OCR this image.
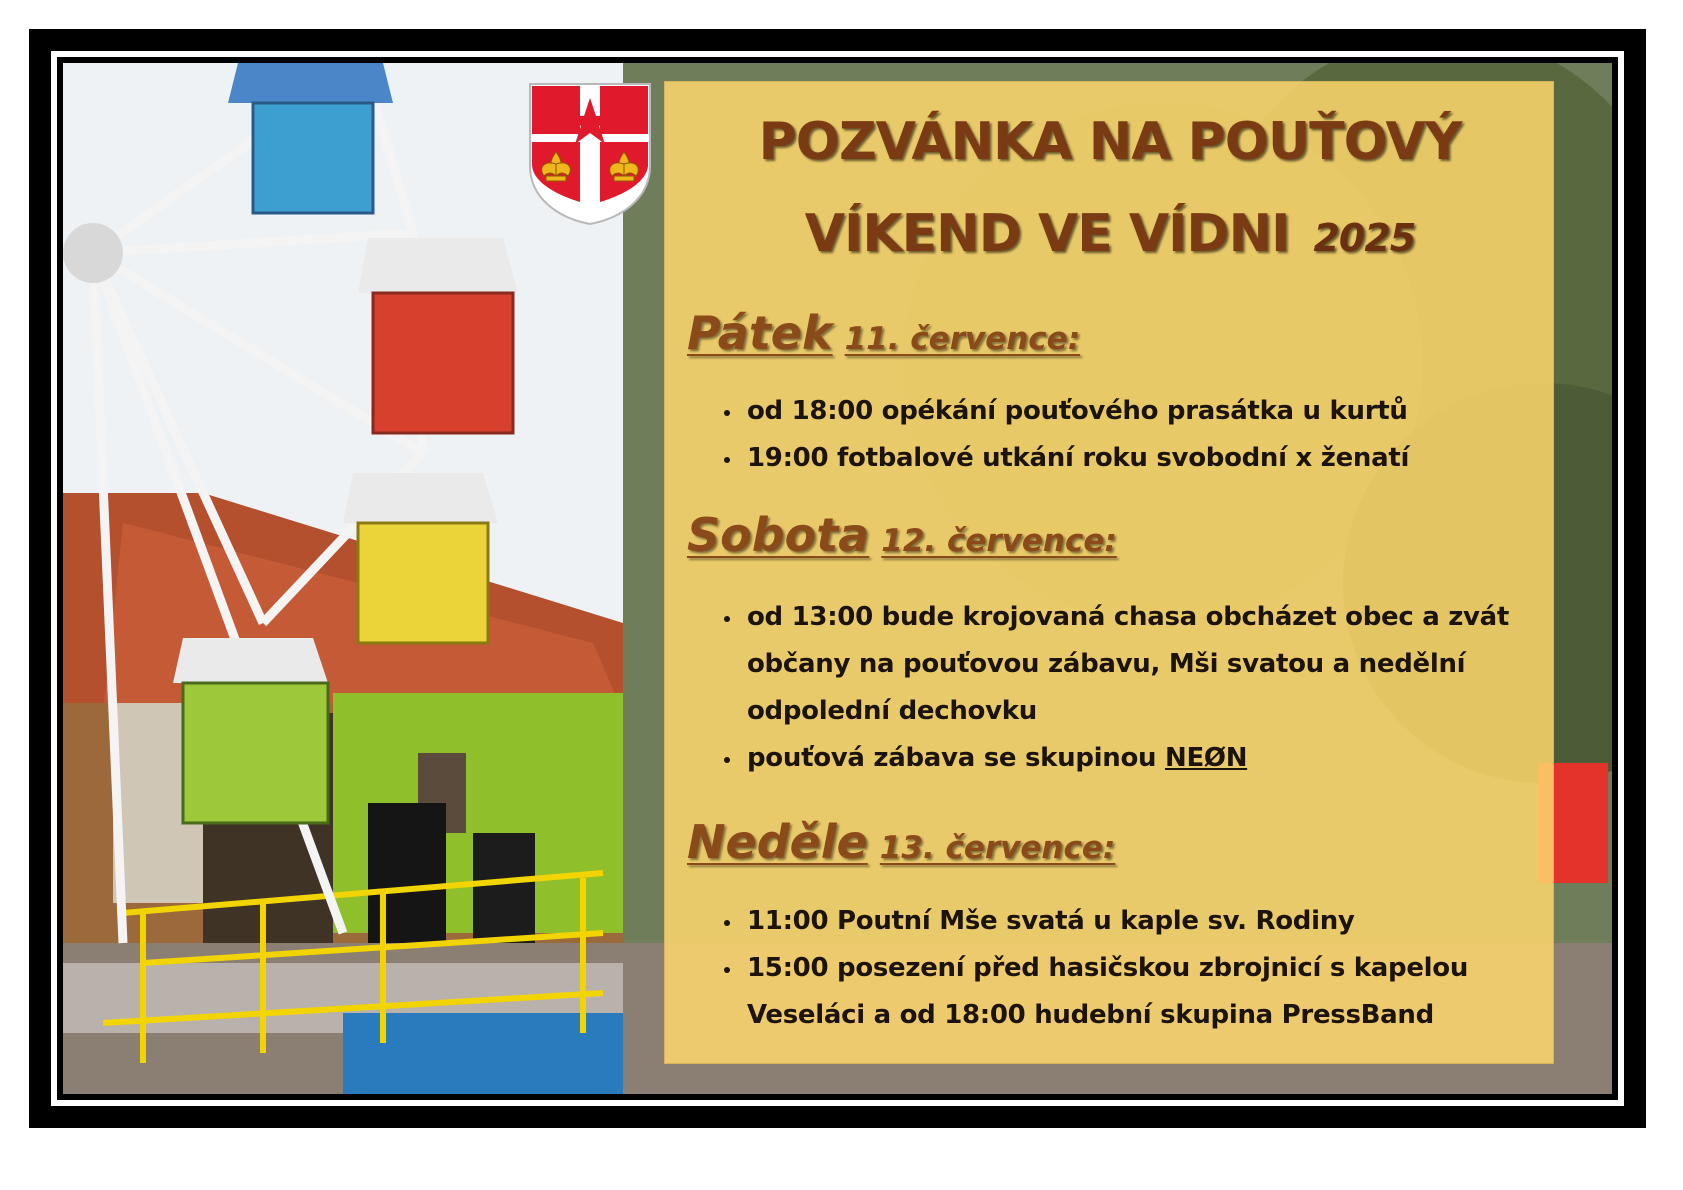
POZVÁNKA NA POUŤOVÝ
VÍKEND VE VÍDNI 2025
Pátek 11. července:
• od 18:00 opékání pouťového prasátka u kurtů
• 19:00 fotbalové utkání roku svobodní x ženatí
Sobota 12. července:
• od 13:00 bude krojovaná chasa obcházet obec a zvát občany na pouťovou zábavu, Mši svatou a nedělní odpolední dechovku
• pouťová zábava se skupinou NEØN
Neděle 13. července:
• 11:00 Poutní Mše svatá u kaple sv. Rodiny
• 15:00 posezení před hasičskou zbrojnicí s kapelou Veseláci a od 18:00 hudební skupina PressBand
